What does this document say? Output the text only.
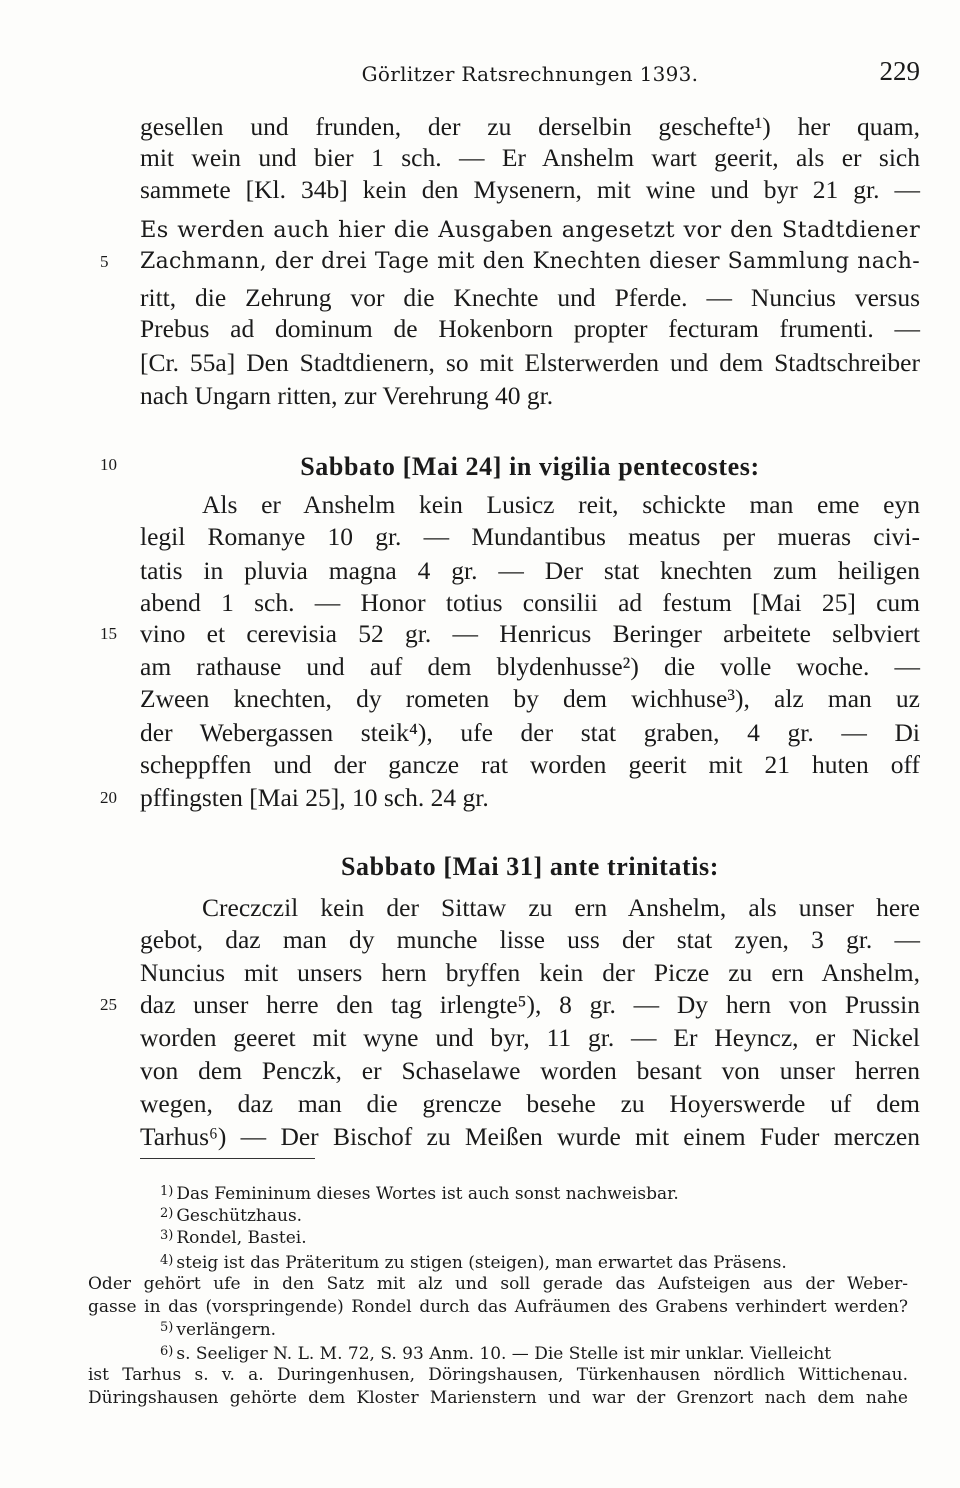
Görlitzer Ratsrechnungen 1393.	229
gesellen und frunden, der zu derselbin geschefte¹) her quam,
mit wein und bier 1 sch. — Er Anshelm wart geerit, als er sich
sammete [Kl. 34b] kein den Mysenern, mit wine und byr 21 gr. —
Es werden auch hier die Ausgaben angesetzt vor den Stadtdiener
5 Zachmann, der drei Tage mit den Knechten dieser Sammlung nach-
ritt, die Zehrung vor die Knechte und Pferde. — Nuncius versus
Prebus ad dominum de Hokenborn propter fecturam frumenti. —
[Cr. 55a] Den Stadtdienern, so mit Elsterwerden und dem Stadtschreiber
nach Ungarn ritten, zur Verehrung 40 gr.
10	Sabbato [Mai 24] in vigilia pentecostes:
Als er Anshelm kein Lusicz reit, schickte man eme eyn
legil Romanye 10 gr. — Mundantibus meatus per mueras civi-
tatis in pluvia magna 4 gr. — Der stat knechten zum heiligen
abend 1 sch. — Honor totius consilii ad festum [Mai 25] cum
15 vino et cerevisia 52 gr. — Henricus Beringer arbeitete selbviert
am rathause und auf dem blydenhusse²) die volle woche. —
Zween knechten, dy rometen by dem wichhuse³), alz man uz
der Webergassen steik⁴), ufe der stat graben, 4 gr. — Di
scheppffen und der gancze rat worden geerit mit 21 huten off
20 pffingsten [Mai 25], 10 sch. 24 gr.
Sabbato [Mai 31] ante trinitatis:
Creczczil kein der Sittaw zu ern Anshelm, als unser here
gebot, daz man dy munche lisse uss der stat zyen, 3 gr. —
Nuncius mit unsers hern bryffen kein der Picze zu ern Anshelm,
25 daz unser herre den tag irlengte⁵), 8 gr. — Dy hern von Prussin
worden geeret mit wyne und byr, 11 gr. — Er Heyncz, er Nickel
von dem Penczk, er Schaselawe worden besant von unser herren
wegen, daz man die grencze besehe zu Hoyerswerde uf dem
Tarhus⁶) — Der Bischof zu Meißen wurde mit einem Fuder merczen
$^{1)}$ Das Femininum dieses Wortes ist auch sonst nachweisbar.
$^{2)}$ Geschützhaus.
$^{3)}$ Rondel, Bastei.
$^{4)}$ steig ist das Präteritum zu stigen (steigen), man erwartet das Präsens.
Oder gehört ufe in den Satz mit alz und soll gerade das Aufsteigen aus der Weber-
gasse in das (vorspringende) Rondel durch das Aufräumen des Grabens verhindert werden?
$^{5)}$ verlängern.
$^{6)}$ s. Seeliger N. L. M. 72, S. 93 Anm. 10. — Die Stelle ist mir unklar. Vielleicht
ist Tarhus s. v. a. Duringenhusen, Döringshausen, Türkenhausen nördlich Wittichenau.
Düringshausen gehörte dem Kloster Marienstern und war der Grenzort nach dem nahe
